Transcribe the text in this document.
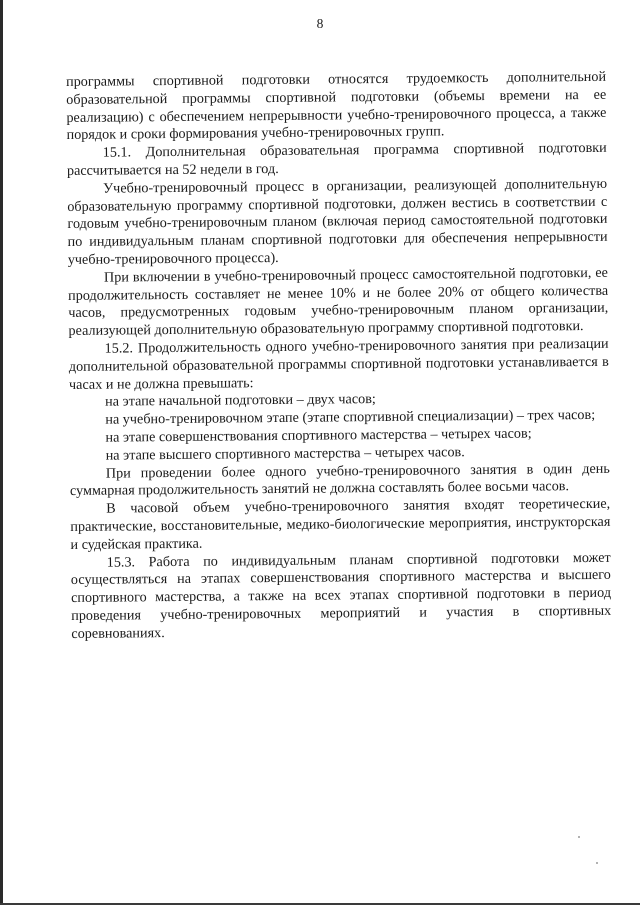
8

программы спортивной подготовки относятся трудоемкость дополнительной образовательной программы спортивной подготовки (объемы времени на ее реализацию) с обеспечением непрерывности учебно-тренировочного процесса, а также порядок и сроки формирования учебно-тренировочных групп.

15.1. Дополнительная образовательная программа спортивной подготовки рассчитывается на 52 недели в год.

Учебно-тренировочный процесс в организации, реализующей дополнительную образовательную программу спортивной подготовки, должен вестись в соответствии с годовым учебно-тренировочным планом (включая период самостоятельной подготовки по индивидуальным планам спортивной подготовки для обеспечения непрерывности учебно-тренировочного процесса).

При включении в учебно-тренировочный процесс самостоятельной подготовки, ее продолжительность составляет не менее 10% и не более 20% от общего количества часов, предусмотренных годовым учебно-тренировочным планом организации, реализующей дополнительную образовательную программу спортивной подготовки.

15.2. Продолжительность одного учебно-тренировочного занятия при реализации дополнительной образовательной программы спортивной подготовки устанавливается в часах и не должна превышать:

на этапе начальной подготовки – двух часов;

на учебно-тренировочном этапе (этапе спортивной специализации) – трех часов;

на этапе совершенствования спортивного мастерства – четырех часов;

на этапе высшего спортивного мастерства – четырех часов.

При проведении более одного учебно-тренировочного занятия в один день суммарная продолжительность занятий не должна составлять более восьми часов.

В часовой объем учебно-тренировочного занятия входят теоретические, практические, восстановительные, медико-биологические мероприятия, инструкторская и судейская практика.

15.3. Работа по индивидуальным планам спортивной подготовки может осуществляться на этапах совершенствования спортивного мастерства и высшего спортивного мастерства, а также на всех этапах спортивной подготовки в период проведения учебно-тренировочных мероприятий и участия в спортивных соревнованиях.
